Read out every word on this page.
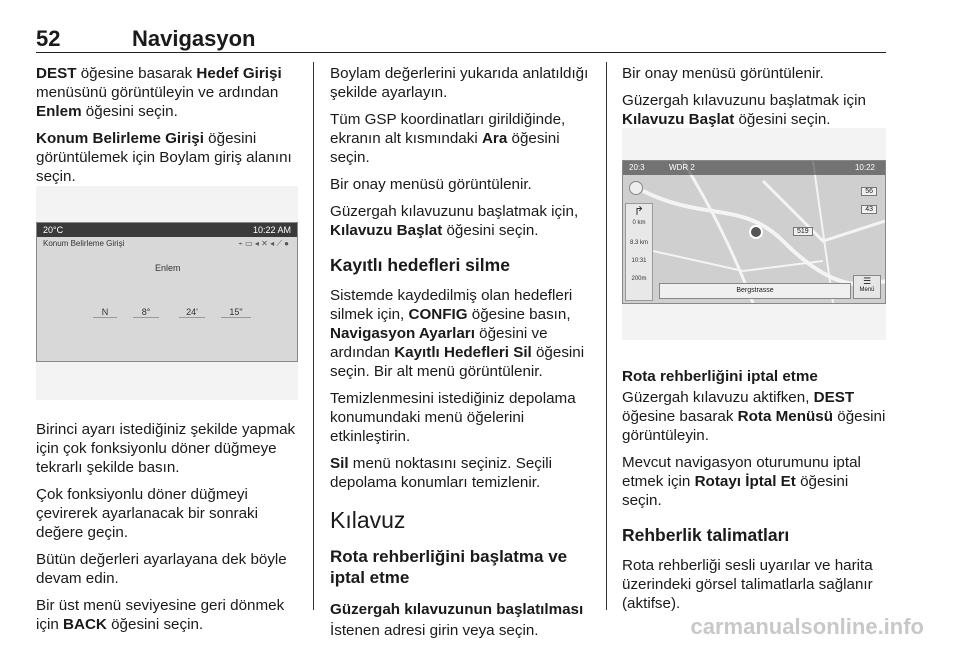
52	Navigasyon

DEST öğesine basarak Hedef Girişi menüsünü görüntüleyin ve ardından Enlem öğesini seçin.

Konum Belirleme Girişi öğesini görüntülemek için Boylam giriş alanını seçin.

Birinci ayarı istediğiniz şekilde yapmak için çok fonksiyonlu döner düğmeye tekrarlı şekilde basın.

Çok fonksiyonlu döner düğmeyi çevirerek ayarlanacak bir sonraki değere geçin.

Bütün değerleri ayarlayana dek böyle devam edin.

Bir üst menü seviyesine geri dönmek için BACK öğesini seçin.

20°C	10:22 AM
Konum Belirleme Girişi	⌁ ▭ ◂ ✕ ◂ ⟋ ●
Enlem
N	8°	24'	15"

Boylam değerlerini yukarıda anlatıldığı şekilde ayarlayın.

Tüm GSP koordinatları girildiğinde, ekranın alt kısmındaki Ara öğesini seçin.

Bir onay menüsü görüntülenir.

Güzergah kılavuzunu başlatmak için, Kılavuzu Başlat öğesini seçin.

Kayıtlı hedefleri silme

Sistemde kaydedilmiş olan hedefleri silmek için, CONFIG öğesine basın, Navigasyon Ayarları öğesini ve ardından Kayıtlı Hedefleri Sil öğesini seçin. Bir alt menü görüntülenir.

Temizlenmesini istediğiniz depolama konumundaki menü öğelerini etkinleştirin.

Sil menü noktasını seçiniz. Seçili depolama konumları temizlenir.

Kılavuz
Rota rehberliğini başlatma ve iptal etme
Güzergah kılavuzunun başlatılması

İstenen adresi girin veya seçin.

Bir onay menüsü görüntülenir.

Güzergah kılavuzunu başlatmak için Kılavuzu Başlat öğesini seçin.

Rota rehberliğini iptal etme

Güzergah kılavuzu aktifken, DEST öğesine basarak Rota Menüsü öğesini görüntüleyin.

Mevcut navigasyon oturumunu iptal etmek için Rotayı İptal Et öğesini seçin.

Rehberlik talimatları

Rota rehberliği sesli uyarılar ve harita üzerindeki görsel talimatlarla sağlanır (aktifse).

20:3	WDR 2	10:22
↱
0 km
8.3 km
10:31
200m
519
56
43
Bergstrasse
☰
Menü
carmanualsonline.info
